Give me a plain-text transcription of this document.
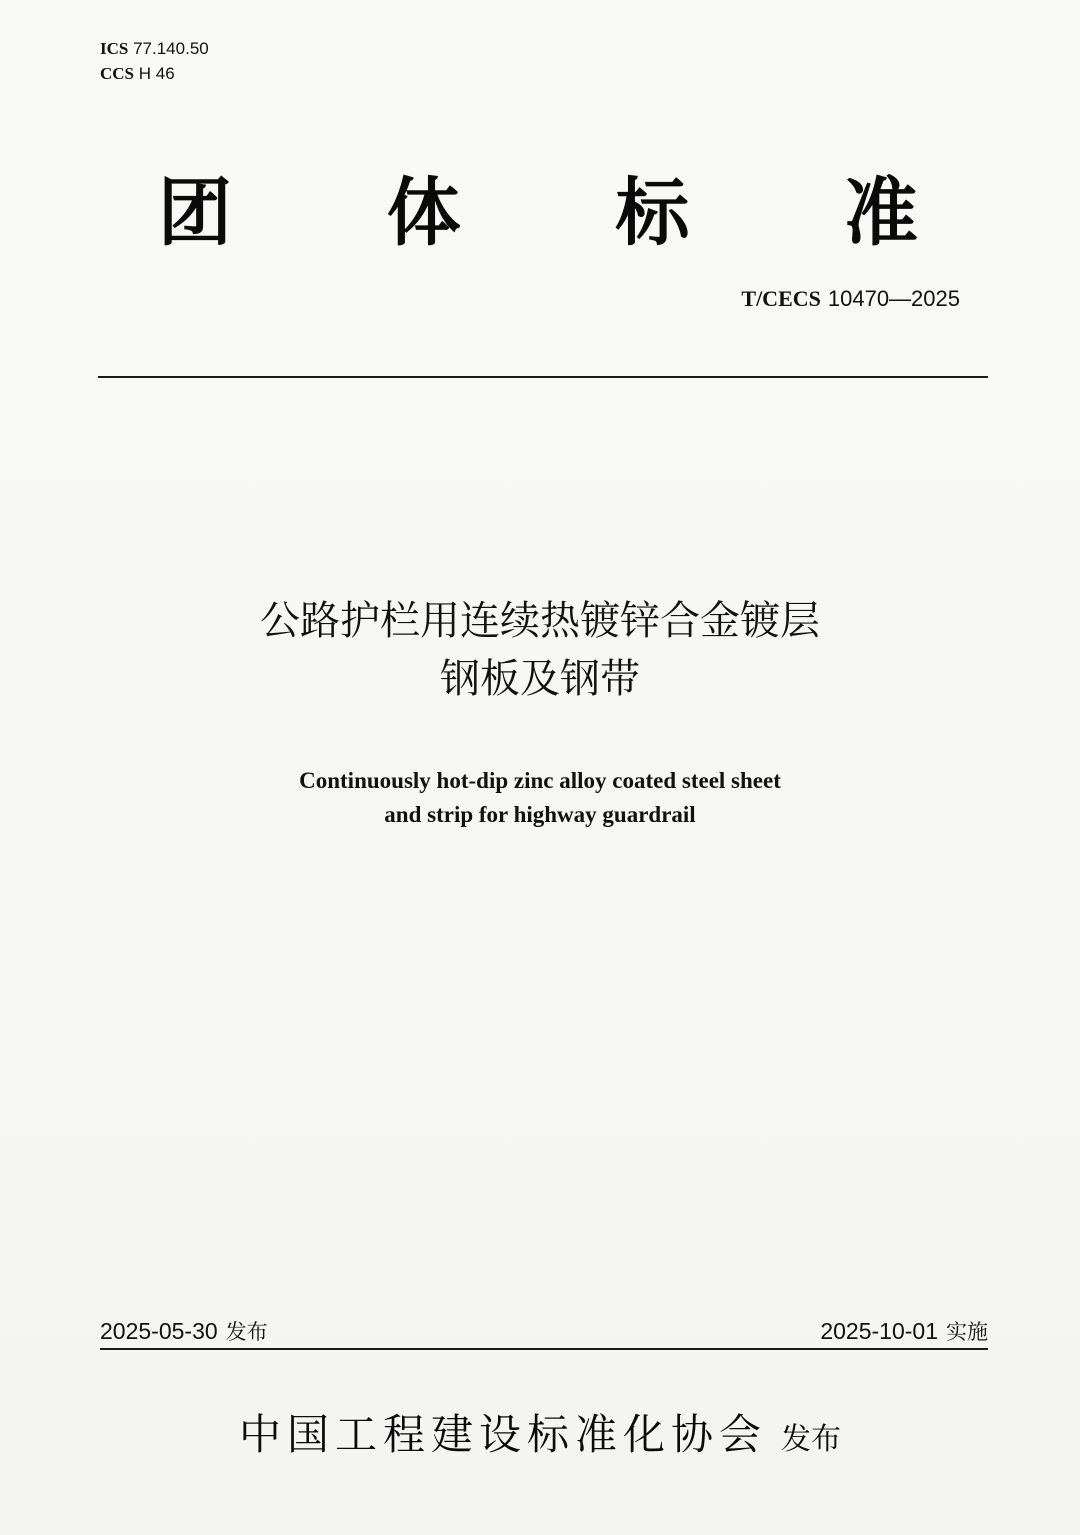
ICS 77.140.50
CCS H 46
团 体 标 准
T/CECS 10470—2025
公路护栏用连续热镀锌合金镀层
钢板及钢带
Continuously hot-dip zinc alloy coated steel sheet
and strip for highway guardrail
2025-05-30 发布	2025-10-01 实施
中国工程建设标准化协会 发布
